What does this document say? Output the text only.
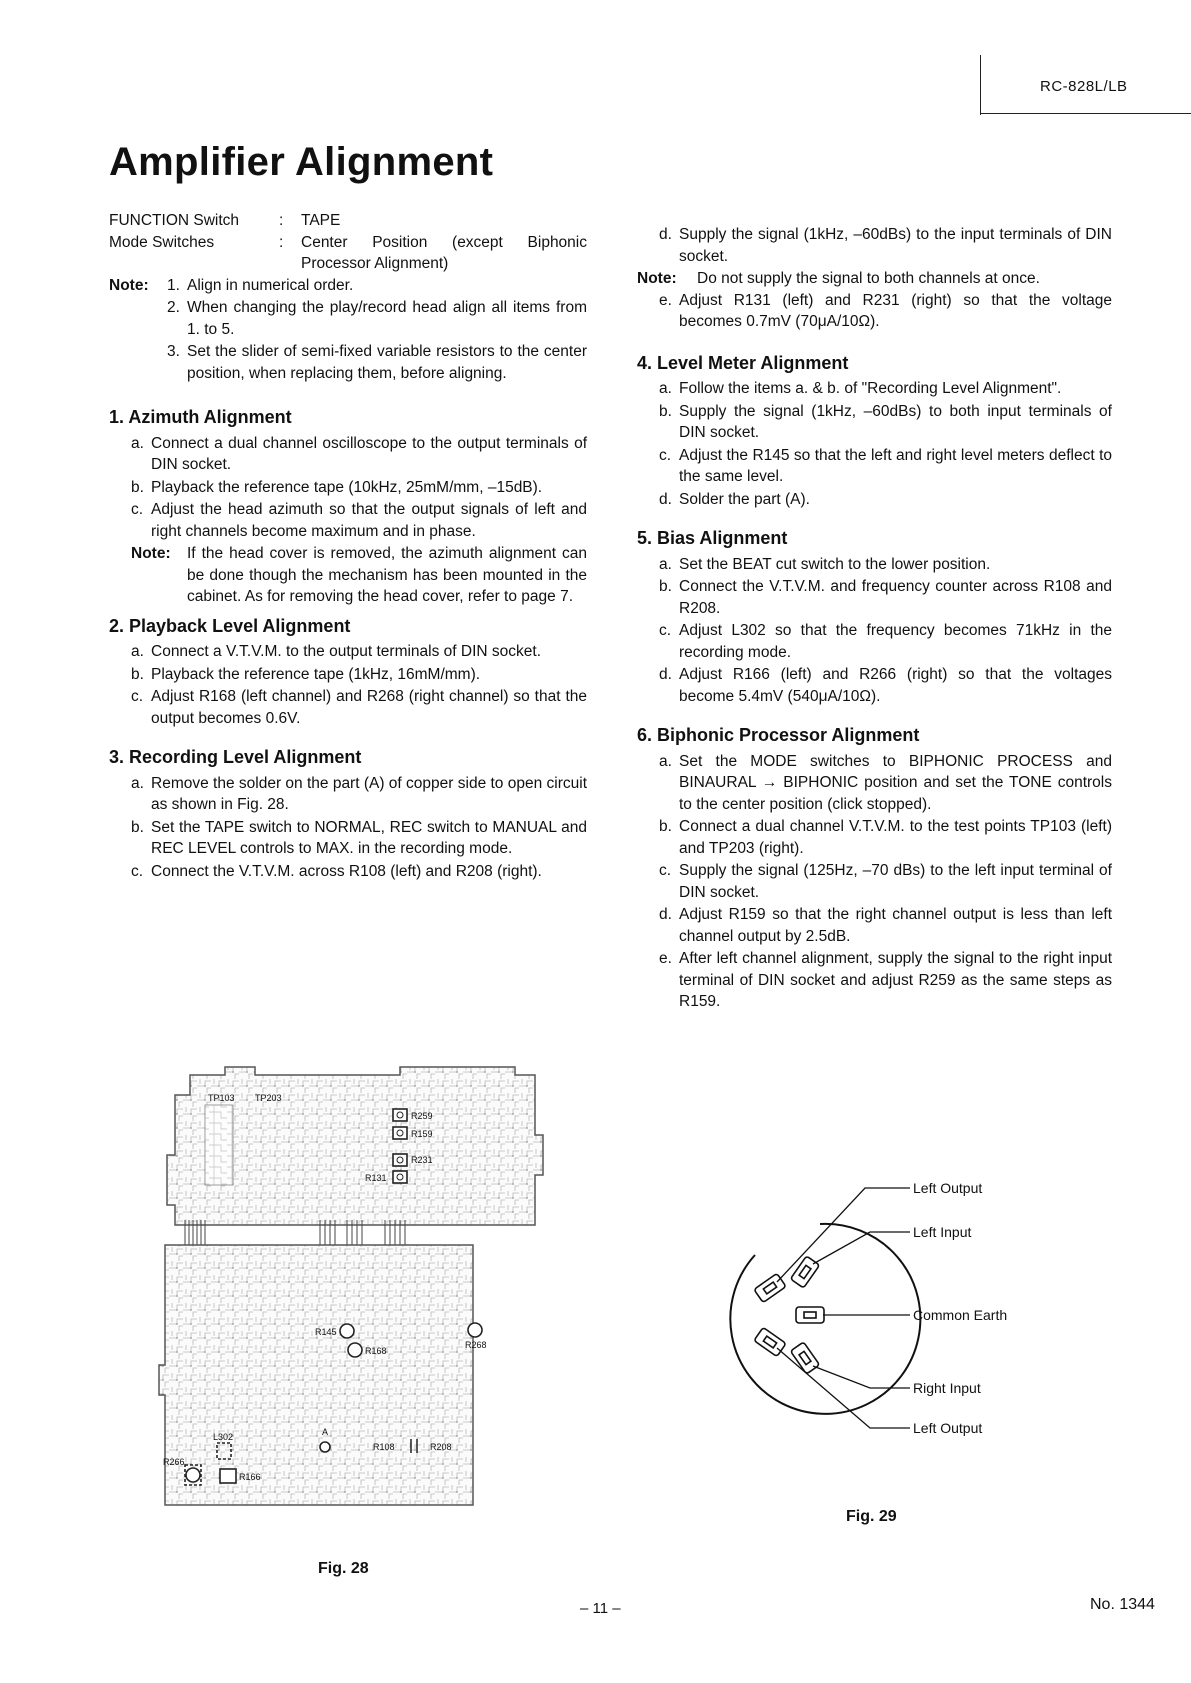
RC-828L/LB
Amplifier Alignment
FUNCTION Switch	:	TAPE
Mode Switches	:	Center Position (except Biphonic Processor Alignment)
Note:	1. Align in numerical order.
2. When changing the play/record head align all items from 1. to 5.
3. Set the slider of semi-fixed variable resistors to the center position, when replacing them, before aligning.
1. Azimuth Alignment
a. Connect a dual channel oscilloscope to the output terminals of DIN socket.
b. Playback the reference tape (10kHz, 25mM/mm, –15dB).
c. Adjust the head azimuth so that the output signals of left and right channels become maximum and in phase.
Note:	If the head cover is removed, the azimuth alignment can be done though the mechanism has been mounted in the cabinet. As for removing the head cover, refer to page 7.
2. Playback Level Alignment
a. Connect a V.T.V.M. to the output terminals of DIN socket.
b. Playback the reference tape (1kHz, 16mM/mm).
c. Adjust R168 (left channel) and R268 (right channel) so that the output becomes 0.6V.
3. Recording Level Alignment
a. Remove the solder on the part (A) of copper side to open circuit as shown in Fig. 28.
b. Set the TAPE switch to NORMAL, REC switch to MANUAL and REC LEVEL controls to MAX. in the recording mode.
c. Connect the V.T.V.M. across R108 (left) and R208 (right).
d. Supply the signal (1kHz, –60dBs) to the input terminals of DIN socket.
Note:	Do not supply the signal to both channels at once.
e. Adjust R131 (left) and R231 (right) so that the voltage becomes 0.7mV (70μA/10Ω).
4. Level Meter Alignment
a. Follow the items a. & b. of "Recording Level Alignment".
b. Supply the signal (1kHz, –60dBs) to both input terminals of DIN socket.
c. Adjust the R145 so that the left and right level meters deflect to the same level.
d. Solder the part (A).
5. Bias Alignment
a. Set the BEAT cut switch to the lower position.
b. Connect the V.T.V.M. and frequency counter across R108 and R208.
c. Adjust L302 so that the frequency becomes 71kHz in the recording mode.
d. Adjust R166 (left) and R266 (right) so that the voltages become 5.4mV (540μA/10Ω).
6. Biphonic Processor Alignment
a. Set the MODE switches to BIPHONIC PROCESS and BINAURAL → BIPHONIC position and set the TONE controls to the center position (click stopped).
b. Connect a dual channel V.T.V.M. to the test points TP103 (left) and TP203 (right).
c. Supply the signal (125Hz, –70 dBs) to the left input terminal of DIN socket.
d. Adjust R159 so that the right channel output is less than left channel output by 2.5dB.
e. After left channel alignment, supply the signal to the right input terminal of DIN socket and adjust R259 as the same steps as R159.
TP103 TP203
R259
R159
R231
R131
R145
R168
R268
L302
R266
R166
A
R108	R208
Fig. 28
Left Output
Left Input
Common Earth
Right Input
Left Output
Fig. 29
– 11 –	No. 1344
